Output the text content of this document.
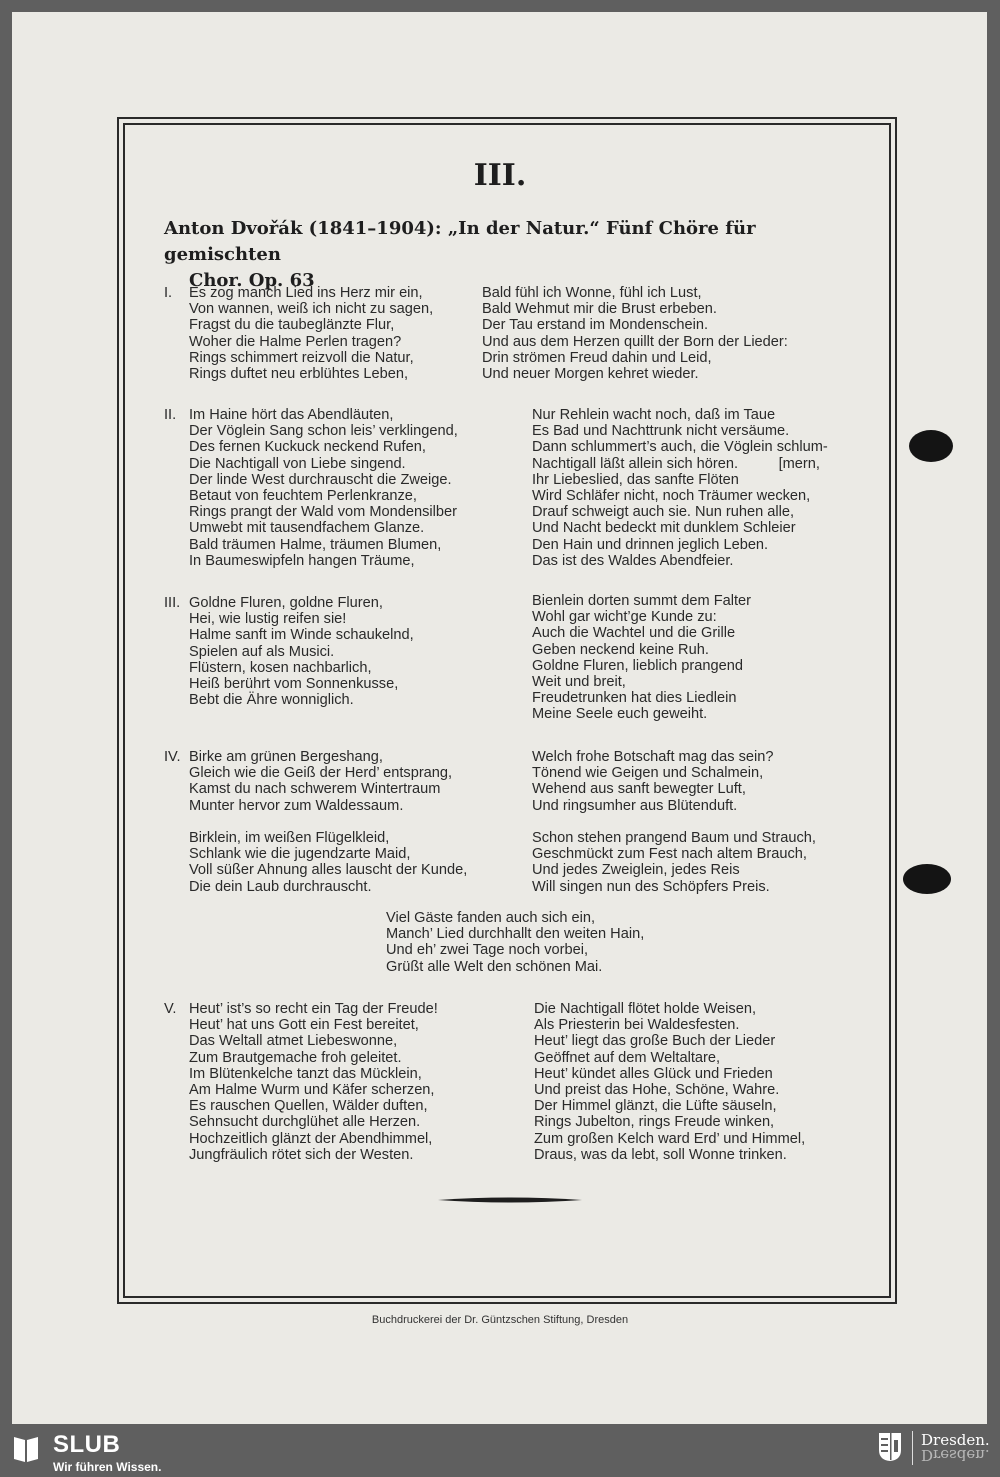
III.
Anton Dvořák (1841–1904): „In der Natur.“ Fünf Chöre für gemischten
Chor. Op. 63
I. Es zog manch Lied ins Herz mir ein,
Von wannen, weiß ich nicht zu sagen,
Fragst du die taubeglänzte Flur,
Woher die Halme Perlen tragen?
Rings schimmert reizvoll die Natur,
Rings duftet neu erblühtes Leben,
Bald fühl ich Wonne, fühl ich Lust,
Bald Wehmut mir die Brust erbeben.
Der Tau erstand im Mondenschein.
Und aus dem Herzen quillt der Born der Lieder:
Drin strömen Freud dahin und Leid,
Und neuer Morgen kehret wieder.
II. Im Haine hört das Abendläuten,
Der Vöglein Sang schon leis’ verklingend,
Des fernen Kuckuck neckend Rufen,
Die Nachtigall von Liebe singend.
Der linde West durchrauscht die Zweige.
Betaut von feuchtem Perlenkranze,
Rings prangt der Wald vom Mondensilber
Umwebt mit tausendfachem Glanze.
Bald träumen Halme, träumen Blumen,
In Baumeswipfeln hangen Träume,
Nur Rehlein wacht noch, daß im Taue
Es Bad und Nachttrunk nicht versäume.
Dann schlummert’s auch, die Vöglein schlum-
Nachtigall läßt allein sich hören.          [mern,
Ihr Liebeslied, das sanfte Flöten
Wird Schläfer nicht, noch Träumer wecken,
Drauf schweigt auch sie. Nun ruhen alle,
Und Nacht bedeckt mit dunklem Schleier
Den Hain und drinnen jeglich Leben.
Das ist des Waldes Abendfeier.
III. Goldne Fluren, goldne Fluren,
Hei, wie lustig reifen sie!
Halme sanft im Winde schaukelnd,
Spielen auf als Musici.
Flüstern, kosen nachbarlich,
Heiß berührt vom Sonnenkusse,
Bebt die Ähre wonniglich.
Bienlein dorten summt dem Falter
Wohl gar wicht’ge Kunde zu:
Auch die Wachtel und die Grille
Geben neckend keine Ruh.
Goldne Fluren, lieblich prangend
Weit und breit,
Freudetrunken hat dies Liedlein
Meine Seele euch geweiht.
IV. Birke am grünen Bergeshang,
Gleich wie die Geiß der Herd’ entsprang,
Kamst du nach schwerem Wintertraum
Munter hervor zum Waldessaum.
Welch frohe Botschaft mag das sein?
Tönend wie Geigen und Schalmein,
Wehend aus sanft bewegter Luft,
Und ringsumher aus Blütenduft.
Birklein, im weißen Flügelkleid,
Schlank wie die jugendzarte Maid,
Voll süßer Ahnung alles lauscht der Kunde,
Die dein Laub durchrauscht.
Schon stehen prangend Baum und Strauch,
Geschmückt zum Fest nach altem Brauch,
Und jedes Zweiglein, jedes Reis
Will singen nun des Schöpfers Preis.
Viel Gäste fanden auch sich ein,
Manch’ Lied durchhallt den weiten Hain,
Und eh’ zwei Tage noch vorbei,
Grüßt alle Welt den schönen Mai.
V. Heut’ ist’s so recht ein Tag der Freude!
Heut’ hat uns Gott ein Fest bereitet,
Das Weltall atmet Liebeswonne,
Zum Brautgemache froh geleitet.
Im Blütenkelche tanzt das Mücklein,
Am Halme Wurm und Käfer scherzen,
Es rauschen Quellen, Wälder duften,
Sehnsucht durchglühet alle Herzen.
Hochzeitlich glänzt der Abendhimmel,
Jungfräulich rötet sich der Westen.
Die Nachtigall flötet holde Weisen,
Als Priesterin bei Waldesfesten.
Heut’ liegt das große Buch der Lieder
Geöffnet auf dem Weltaltare,
Heut’ kündet alles Glück und Frieden
Und preist das Hohe, Schöne, Wahre.
Der Himmel glänzt, die Lüfte säuseln,
Rings Jubelton, rings Freude winken,
Zum großen Kelch ward Erd’ und Himmel,
Draus, was da lebt, soll Wonne trinken.
Buchdruckerei der Dr. Güntzschen Stiftung, Dresden
SLUB
Wir führen Wissen.
Dresden.
Dresden.
